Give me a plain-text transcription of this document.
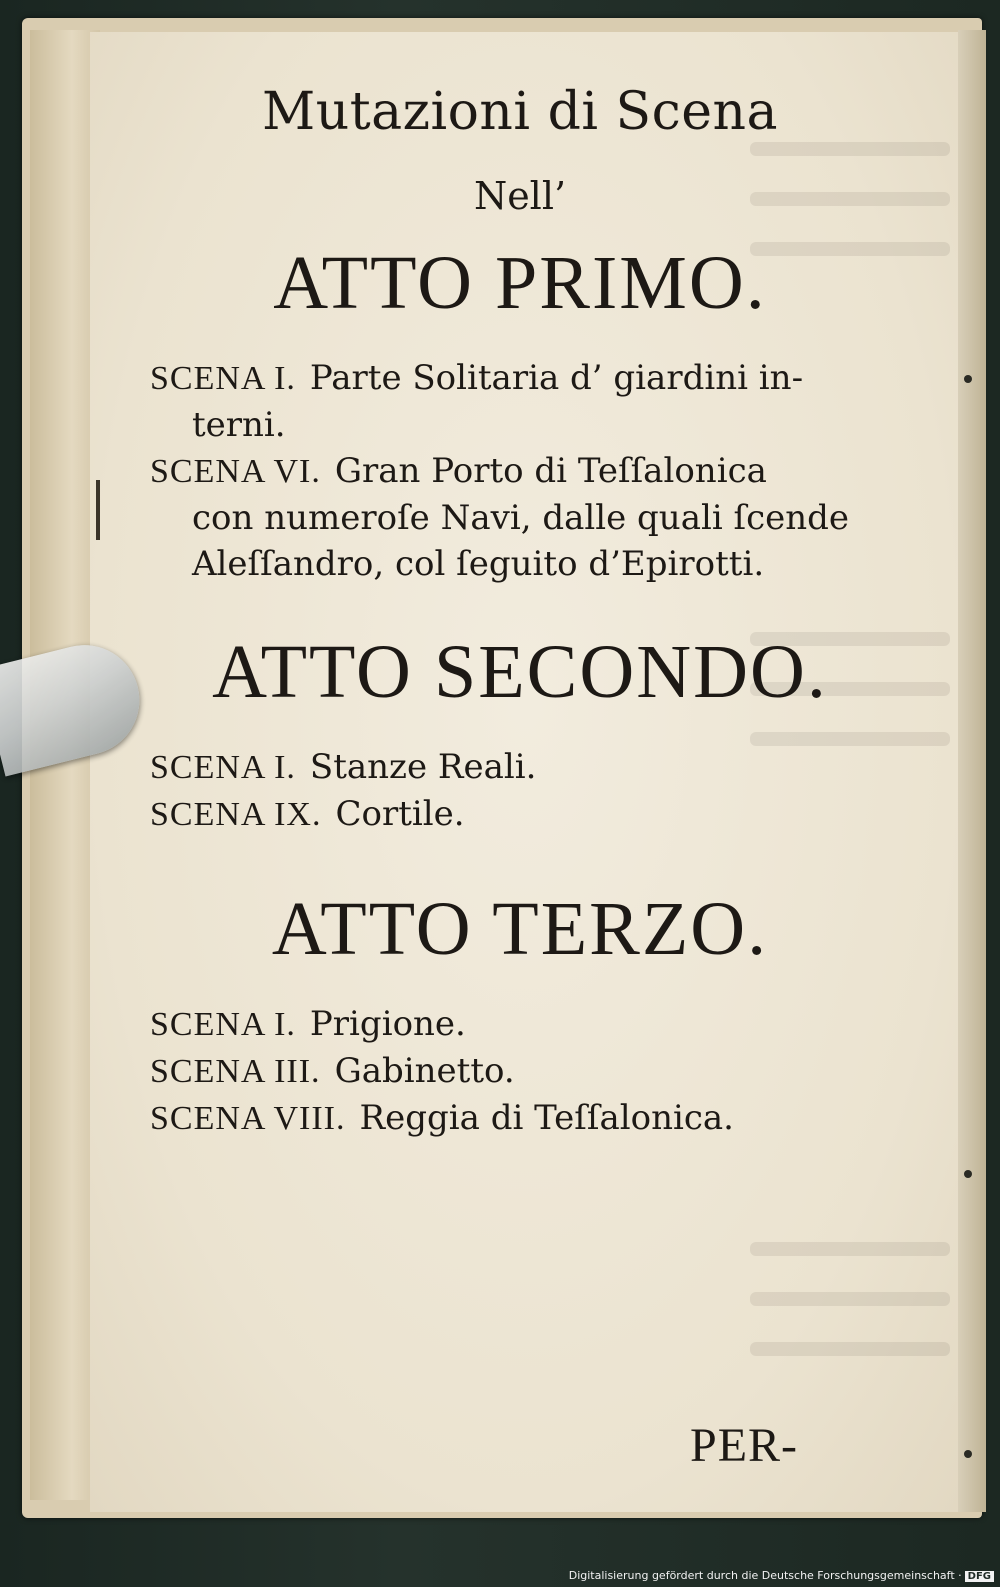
Mutazioni di Scena
Nell’
ATTO PRIMO.
SCENA I. Parte Solitaria d’ giardini in-
terni.
SCENA VI. Gran Porto di Teſſalonica
con numeroſe Navi, dalle quali ſcende
Aleſſandro, col ſeguito d’Epirotti.
ATTO SECONDO.
SCENA I. Stanze Reali.
SCENA IX. Cortile.
ATTO TERZO.
SCENA I. Prigione.
SCENA III. Gabinetto.
SCENA VIII. Reggia di Teſſalonica.
PER-
Digitalisierung gefördert durch die Deutsche Forschungsgemeinschaft · DFG
